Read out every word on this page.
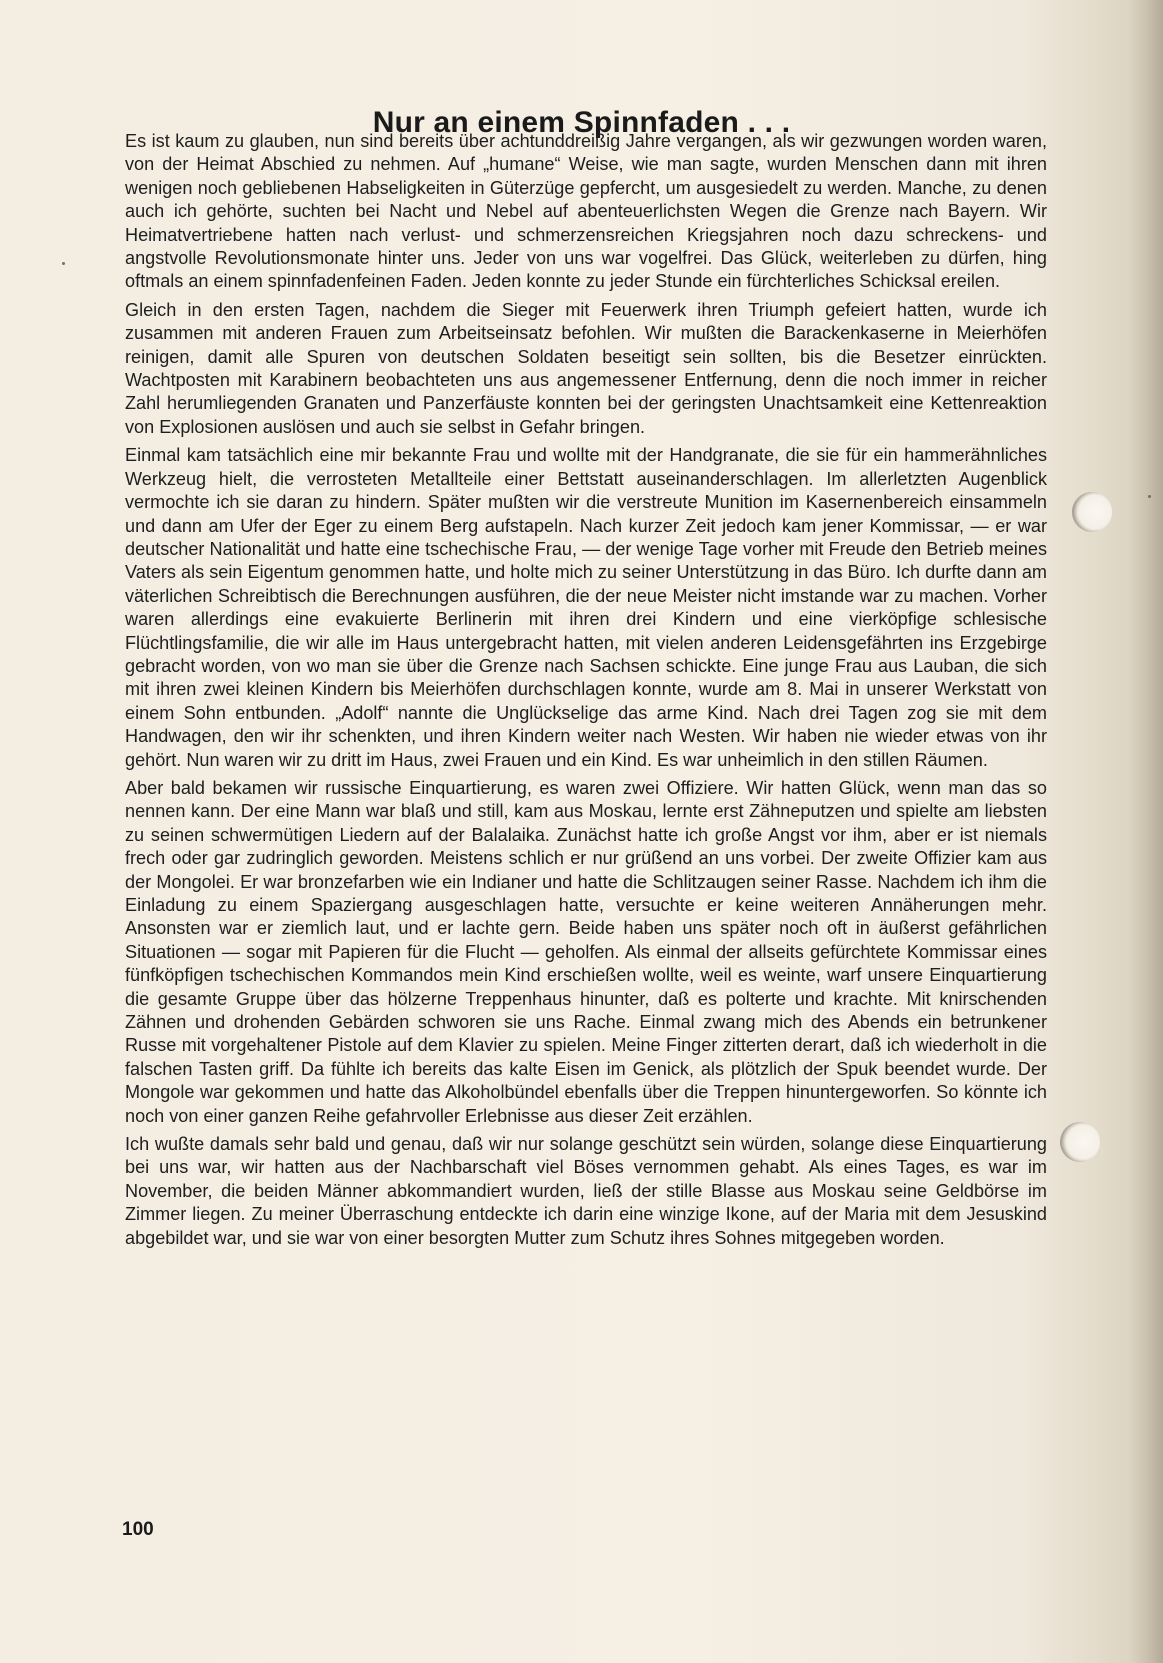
Nur an einem Spinnfaden . . .

Es ist kaum zu glauben, nun sind bereits über achtunddreißig Jahre vergangen, als wir gezwungen worden waren, von der Heimat Abschied zu nehmen. Auf „humane“ Weise, wie man sagte, wurden Menschen dann mit ihren wenigen noch gebliebenen Habseligkeiten in Güterzüge gepfercht, um ausgesiedelt zu werden. Manche, zu denen auch ich gehörte, suchten bei Nacht und Nebel auf abenteuerlichsten Wegen die Grenze nach Bayern. Wir Heimatvertriebene hatten nach verlust- und schmerzensreichen Kriegsjahren noch dazu schreckens- und angstvolle Revolutionsmonate hinter uns. Jeder von uns war vogelfrei. Das Glück, weiterleben zu dürfen, hing oftmals an einem spinnfadenfeinen Faden. Jeden konnte zu jeder Stunde ein fürchterliches Schicksal ereilen.

Gleich in den ersten Tagen, nachdem die Sieger mit Feuerwerk ihren Triumph gefeiert hatten, wurde ich zusammen mit anderen Frauen zum Arbeitseinsatz befohlen. Wir mußten die Barackenkaserne in Meierhöfen reinigen, damit alle Spuren von deutschen Soldaten beseitigt sein sollten, bis die Besetzer einrückten. Wachtposten mit Karabinern beobachteten uns aus angemessener Entfernung, denn die noch immer in reicher Zahl herumliegenden Granaten und Panzerfäuste konnten bei der geringsten Unachtsamkeit eine Kettenreaktion von Explosionen auslösen und auch sie selbst in Gefahr bringen.

Einmal kam tatsächlich eine mir bekannte Frau und wollte mit der Handgranate, die sie für ein hammerähnliches Werkzeug hielt, die verrosteten Metallteile einer Bettstatt auseinanderschlagen. Im allerletzten Augenblick vermochte ich sie daran zu hindern. Später mußten wir die verstreute Munition im Kasernenbereich einsammeln und dann am Ufer der Eger zu einem Berg aufstapeln. Nach kurzer Zeit jedoch kam jener Kommissar, — er war deutscher Nationalität und hatte eine tschechische Frau, — der wenige Tage vorher mit Freude den Betrieb meines Vaters als sein Eigentum genommen hatte, und holte mich zu seiner Unterstützung in das Büro. Ich durfte dann am väterlichen Schreibtisch die Berechnungen ausführen, die der neue Meister nicht imstande war zu machen. Vorher waren allerdings eine evakuierte Berlinerin mit ihren drei Kindern und eine vierköpfige schlesische Flüchtlingsfamilie, die wir alle im Haus untergebracht hatten, mit vielen anderen Leidensgefährten ins Erzgebirge gebracht worden, von wo man sie über die Grenze nach Sachsen schickte. Eine junge Frau aus Lauban, die sich mit ihren zwei kleinen Kindern bis Meierhöfen durchschlagen konnte, wurde am 8. Mai in unserer Werkstatt von einem Sohn entbunden. „Adolf“ nannte die Unglückselige das arme Kind. Nach drei Tagen zog sie mit dem Handwagen, den wir ihr schenkten, und ihren Kindern weiter nach Westen. Wir haben nie wieder etwas von ihr gehört. Nun waren wir zu dritt im Haus, zwei Frauen und ein Kind. Es war unheimlich in den stillen Räumen.

Aber bald bekamen wir russische Einquartierung, es waren zwei Offiziere. Wir hatten Glück, wenn man das so nennen kann. Der eine Mann war blaß und still, kam aus Moskau, lernte erst Zähneputzen und spielte am liebsten zu seinen schwermütigen Liedern auf der Balalaika. Zunächst hatte ich große Angst vor ihm, aber er ist niemals frech oder gar zudringlich geworden. Meistens schlich er nur grüßend an uns vorbei. Der zweite Offizier kam aus der Mongolei. Er war bronzefarben wie ein Indianer und hatte die Schlitzaugen seiner Rasse. Nachdem ich ihm die Einladung zu einem Spaziergang ausgeschlagen hatte, versuchte er keine weiteren Annäherungen mehr. Ansonsten war er ziemlich laut, und er lachte gern. Beide haben uns später noch oft in äußerst gefährlichen Situationen — sogar mit Papieren für die Flucht — geholfen. Als einmal der allseits gefürchtete Kommissar eines fünfköpfigen tschechischen Kommandos mein Kind erschießen wollte, weil es weinte, warf unsere Einquartierung die gesamte Gruppe über das hölzerne Treppenhaus hinunter, daß es polterte und krachte. Mit knirschenden Zähnen und drohenden Gebärden schworen sie uns Rache. Einmal zwang mich des Abends ein betrunkener Russe mit vorgehaltener Pistole auf dem Klavier zu spielen. Meine Finger zitterten derart, daß ich wiederholt in die falschen Tasten griff. Da fühlte ich bereits das kalte Eisen im Genick, als plötzlich der Spuk beendet wurde. Der Mongole war gekommen und hatte das Alkoholbündel ebenfalls über die Treppen hinuntergeworfen. So könnte ich noch von einer ganzen Reihe gefahrvoller Erlebnisse aus dieser Zeit erzählen.

Ich wußte damals sehr bald und genau, daß wir nur solange geschützt sein würden, solange diese Einquartierung bei uns war, wir hatten aus der Nachbarschaft viel Böses vernommen gehabt. Als eines Tages, es war im November, die beiden Männer abkommandiert wurden, ließ der stille Blasse aus Moskau seine Geldbörse im Zimmer liegen. Zu meiner Überraschung entdeckte ich darin eine winzige Ikone, auf der Maria mit dem Jesuskind abgebildet war, und sie war von einer besorgten Mutter zum Schutz ihres Sohnes mitgegeben worden.

100
